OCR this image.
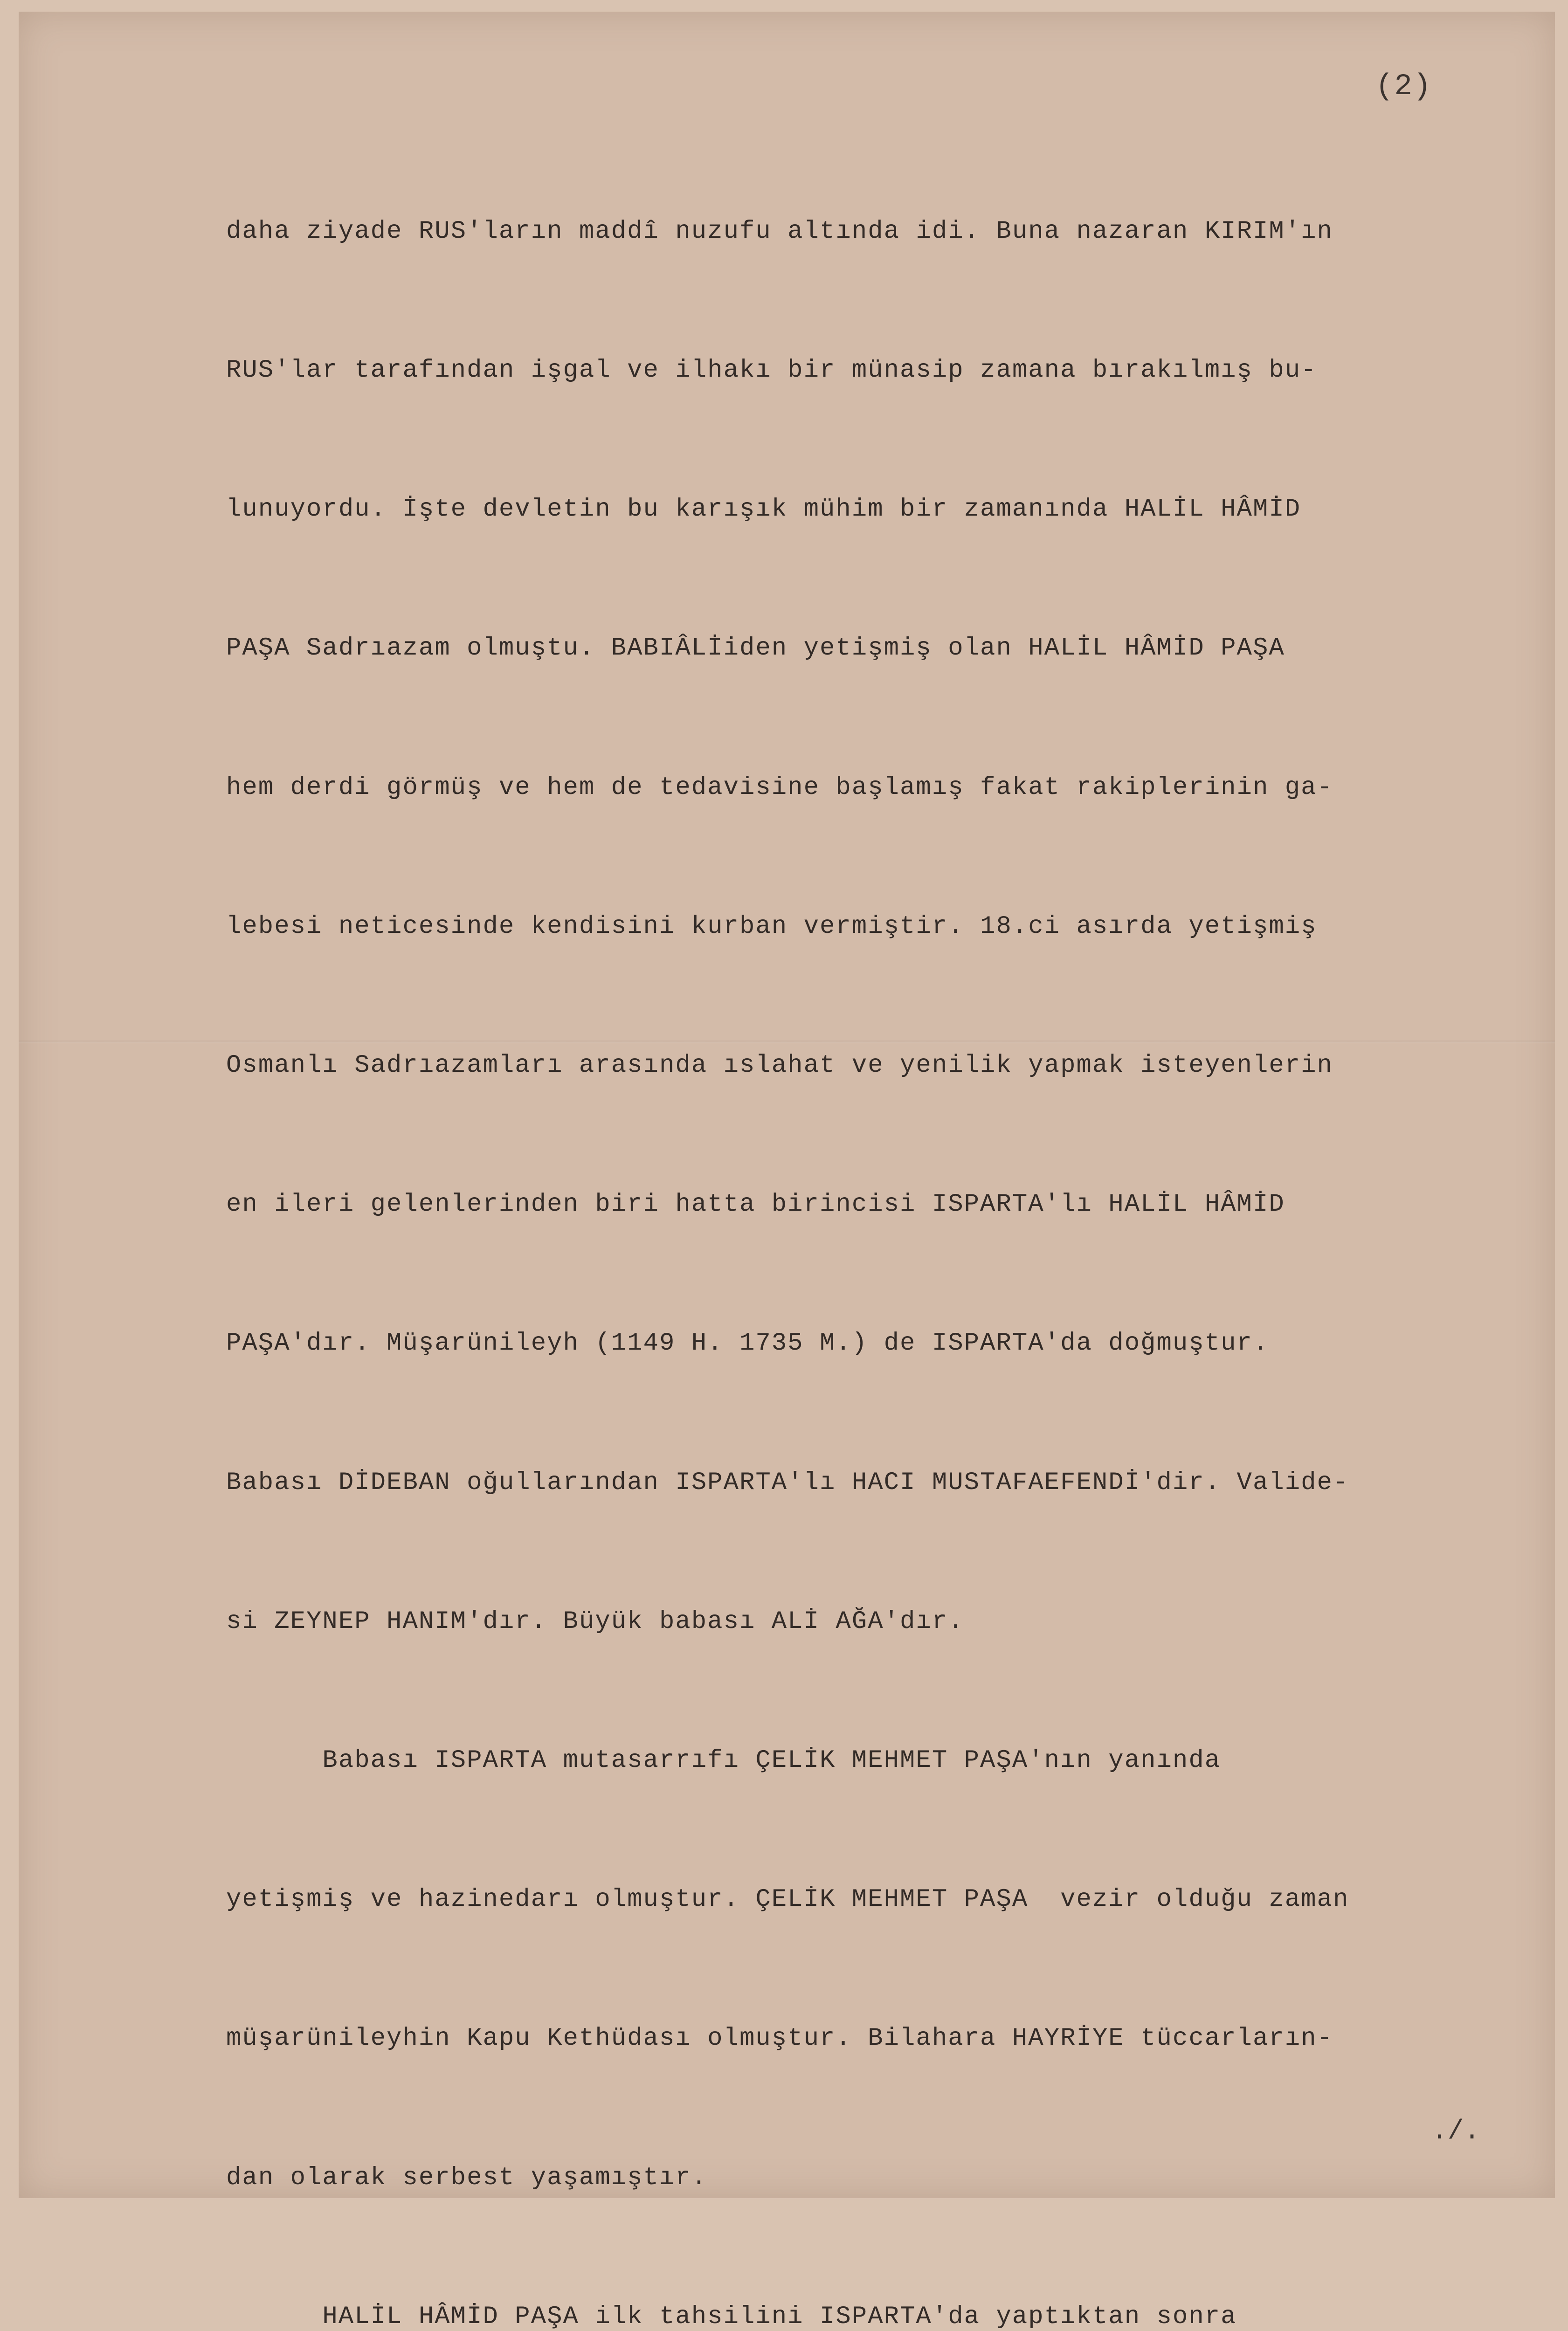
(2)

daha ziyade RUS'ların maddî nuzufu altında idi. Buna nazaran KIRIM'ın

RUS'lar tarafından işgal ve ilhakı bir münasip zamana bırakılmış bu-

lunuyordu. İşte devletin bu karışık mühim bir zamanında HALİL HÂMİD

PAŞA Sadrıazam olmuştu. BABIÂLİiden yetişmiş olan HALİL HÂMİD PAŞA

hem derdi görmüş ve hem de tedavisine başlamış fakat rakiplerinin ga-

lebesi neticesinde kendisini kurban vermiştir. 18.ci asırda yetişmiş

Osmanlı Sadrıazamları arasında ıslahat ve yenilik yapmak isteyenlerin

en ileri gelenlerinden biri hatta birincisi ISPARTA'lı HALİL HÂMİD

PAŞA'dır. Müşarünileyh (1149 H. 1735 M.) de ISPARTA'da doğmuştur.

Babası DİDEBAN oğullarından ISPARTA'lı HACI MUSTAFAEFENDİ'dir. Valide-

si ZEYNEP HANIM'dır. Büyük babası ALİ AĞA'dır.

Babası ISPARTA mutasarrıfı ÇELİK MEHMET PAŞA'nın yanında

yetişmiş ve hazinedarı olmuştur. ÇELİK MEHMET PAŞA  vezir olduğu zaman

müşarünileyhin Kapu Kethüdası olmuştur. Bilahara HAYRİYE tüccarların-

dan olarak serbest yaşamıştır.

HALİL HÂMİD PAŞA ilk tahsilini ISPARTA'da yaptıktan sonra

./.
